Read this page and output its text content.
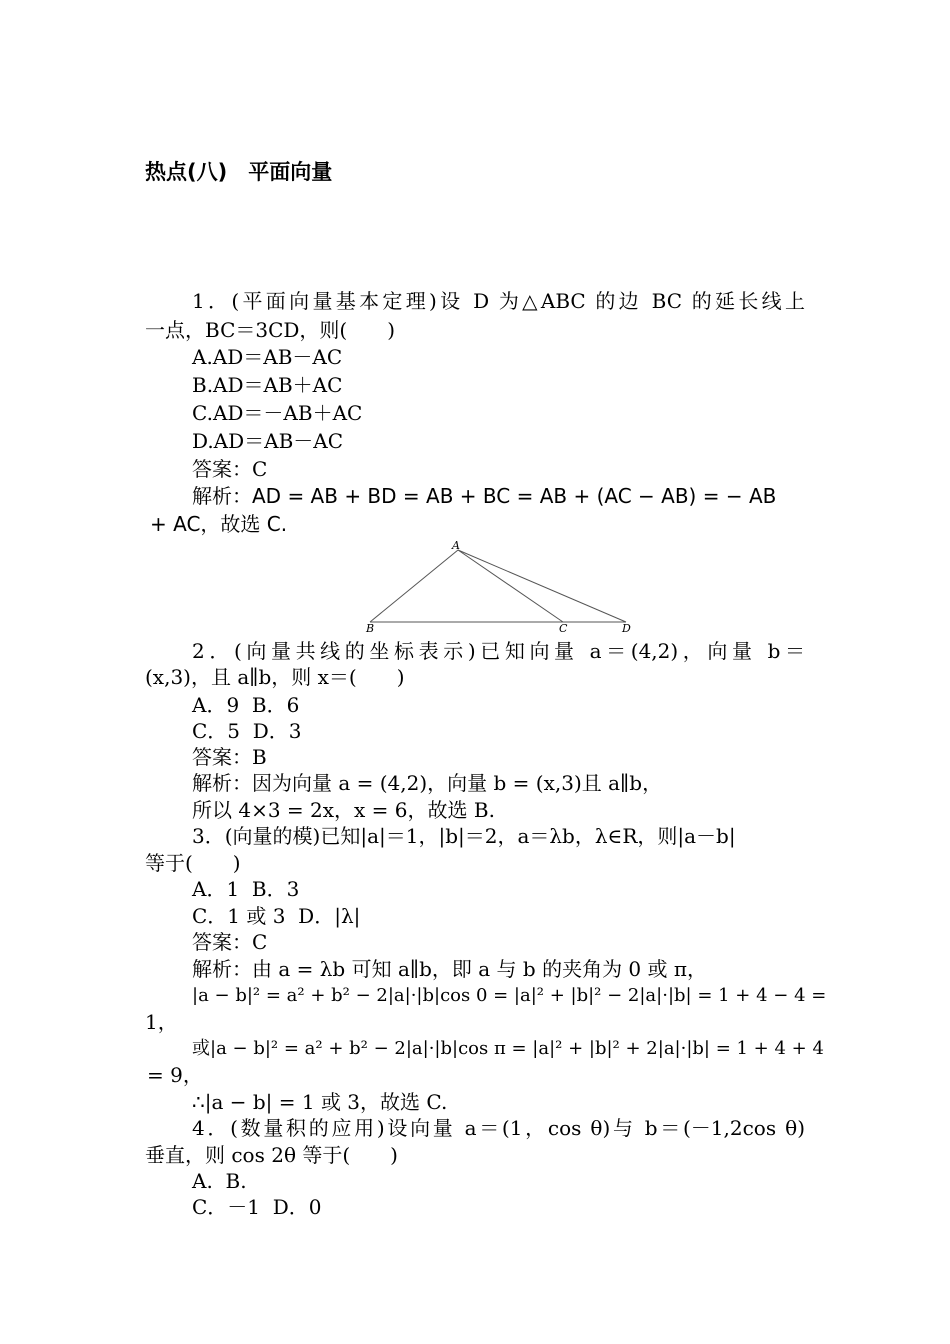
热点(八)　平面向量
1．(平面向量基本定理)设 D 为△ABC 的边 BC 的延长线上
一点，BC＝3CD，则(　　)
A.AD＝AB－AC
B.AD＝AB＋AC
C.AD＝－AB＋AC
D.AD＝AB－AC
答案：C
解析：AD = AB + BD = AB + BC = AB + (AC − AB) = − AB
+ AC，故选 C.
A
B	C	D
2．(向量共线的坐标表示)已知向量 a＝(4,2)，向量 b＝
(x,3)，且 a∥b，则 x＝(　　)
A．9  B．6
C．5  D．3
答案：B
解析：因为向量 a = (4,2)，向量 b = (x,3)且 a∥b，
所以 4×3 = 2x，x = 6，故选 B.
3．(向量的模)已知|a|＝1，|b|＝2，a＝λb，λ∈R，则|a－b|
等于(　　)
A．1  B．3
C．1 或 3  D．|λ|
答案：C
解析：由 a = λb 可知 a∥b，即 a 与 b 的夹角为 0 或 π，
|a − b|² = a² + b² − 2|a|·|b|cos 0 = |a|² + |b|² − 2|a|·|b| = 1 + 4 − 4 =
1，
或|a − b|² = a² + b² − 2|a|·|b|cos π = |a|² + |b|² + 2|a|·|b| = 1 + 4 + 4
= 9，
∴|a − b| = 1 或 3，故选 C.
4．(数量积的应用)设向量 a＝(1，cos θ)与 b＝(－1,2cos θ)
垂直，则 cos 2θ 等于(　　)
A.  B.
C．－1  D．0
